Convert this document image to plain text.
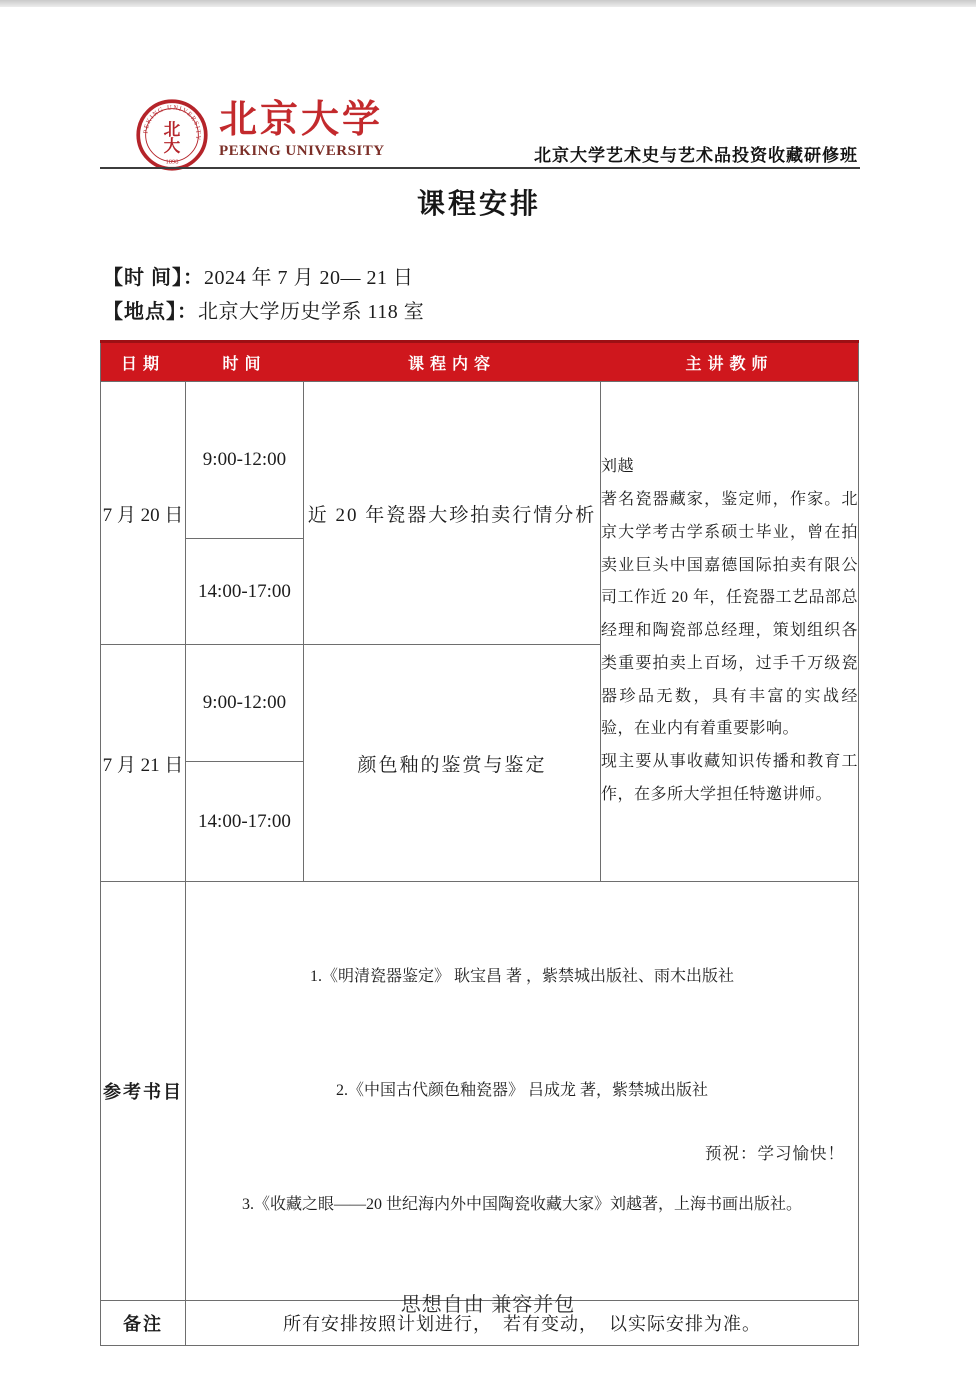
PEKING UNIVERSITY
1898
北
大
北京大学
PEKING UNIVERSITY	北京大学艺术史与艺术品投资收藏研修班
课程安排
【时 间】：2024 年 7 月 20— 21 日
【地点】：北京大学历史学系 118 室
日期	时间	课程内容	主讲教师
7 月 20 日	9:00-12:00	近 20 年瓷器大珍拍卖行情分析	刘越

著名瓷器藏家，鉴定师，作家。北京大学考古学系硕士毕业，曾在拍卖业巨头中国嘉德国际拍卖有限公司工作近 20 年，任瓷器工艺品部总经理和陶瓷部总经理，策划组织各类重要拍卖上百场，过手千万级瓷器珍品无数，具有丰富的实战经验，在业内有着重要影响。

现主要从事收藏知识传播和教育工作，在多所大学担任特邀讲师。

	14:00-17:00		
7 月 21 日	9:00-12:00	颜色釉的鉴赏与鉴定	
	14:00-17:00		
参考书目	1.《明清瓷器鉴定》 耿宝昌 著 ，紫禁城出版社、雨木出版社

2.《中国古代颜色釉瓷器》 吕成龙 著，紫禁城出版社

3.《收藏之眼——20 世纪海内外中国陶瓷收藏大家》刘越著，上海书画出版社。		

备注	所有安排按照计划进行，  若有变动，  以实际安排为准。		
预祝：学习愉快！
思想自由 兼容并包
